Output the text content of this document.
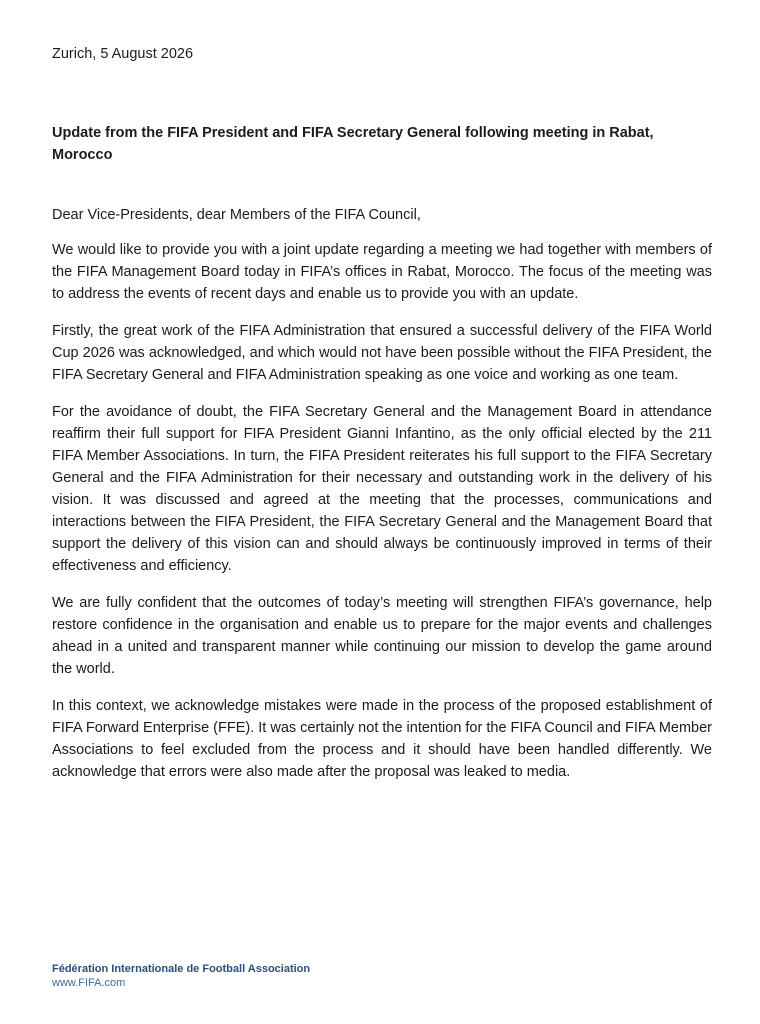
Zurich, 5 August 2026
Update from the FIFA President and FIFA Secretary General following meeting in Rabat, Morocco

Dear Vice-Presidents, dear Members of the FIFA Council,

We would like to provide you with a joint update regarding a meeting we had together with members of the FIFA Management Board today in FIFA’s offices in Rabat, Morocco. The focus of the meeting was to address the events of recent days and enable us to provide you with an update.

Firstly, the great work of the FIFA Administration that ensured a successful delivery of the FIFA World Cup 2026 was acknowledged, and which would not have been possible without the FIFA President, the FIFA Secretary General and FIFA Administration speaking as one voice and working as one team.

For the avoidance of doubt, the FIFA Secretary General and the Management Board in attendance reaffirm their full support for FIFA President Gianni Infantino, as the only official elected by the 211 FIFA Member Associations. In turn, the FIFA President reiterates his full support to the FIFA Secretary General and the FIFA Administration for their necessary and outstanding work in the delivery of his vision. It was discussed and agreed at the meeting that the processes, communications and interactions between the FIFA President, the FIFA Secretary General and the Management Board that support the delivery of this vision can and should always be continuously improved in terms of their effectiveness and efficiency.

We are fully confident that the outcomes of today’s meeting will strengthen FIFA’s governance, help restore confidence in the organisation and enable us to prepare for the major events and challenges ahead in a united and transparent manner while continuing our mission to develop the game around the world.

In this context, we acknowledge mistakes were made in the process of the proposed establishment of FIFA Forward Enterprise (FFE). It was certainly not the intention for the FIFA Council and FIFA Member Associations to feel excluded from the process and it should have been handled differently. We acknowledge that errors were also made after the proposal was leaked to media.

Fédération Internationale de Football Association
www.FIFA.com
